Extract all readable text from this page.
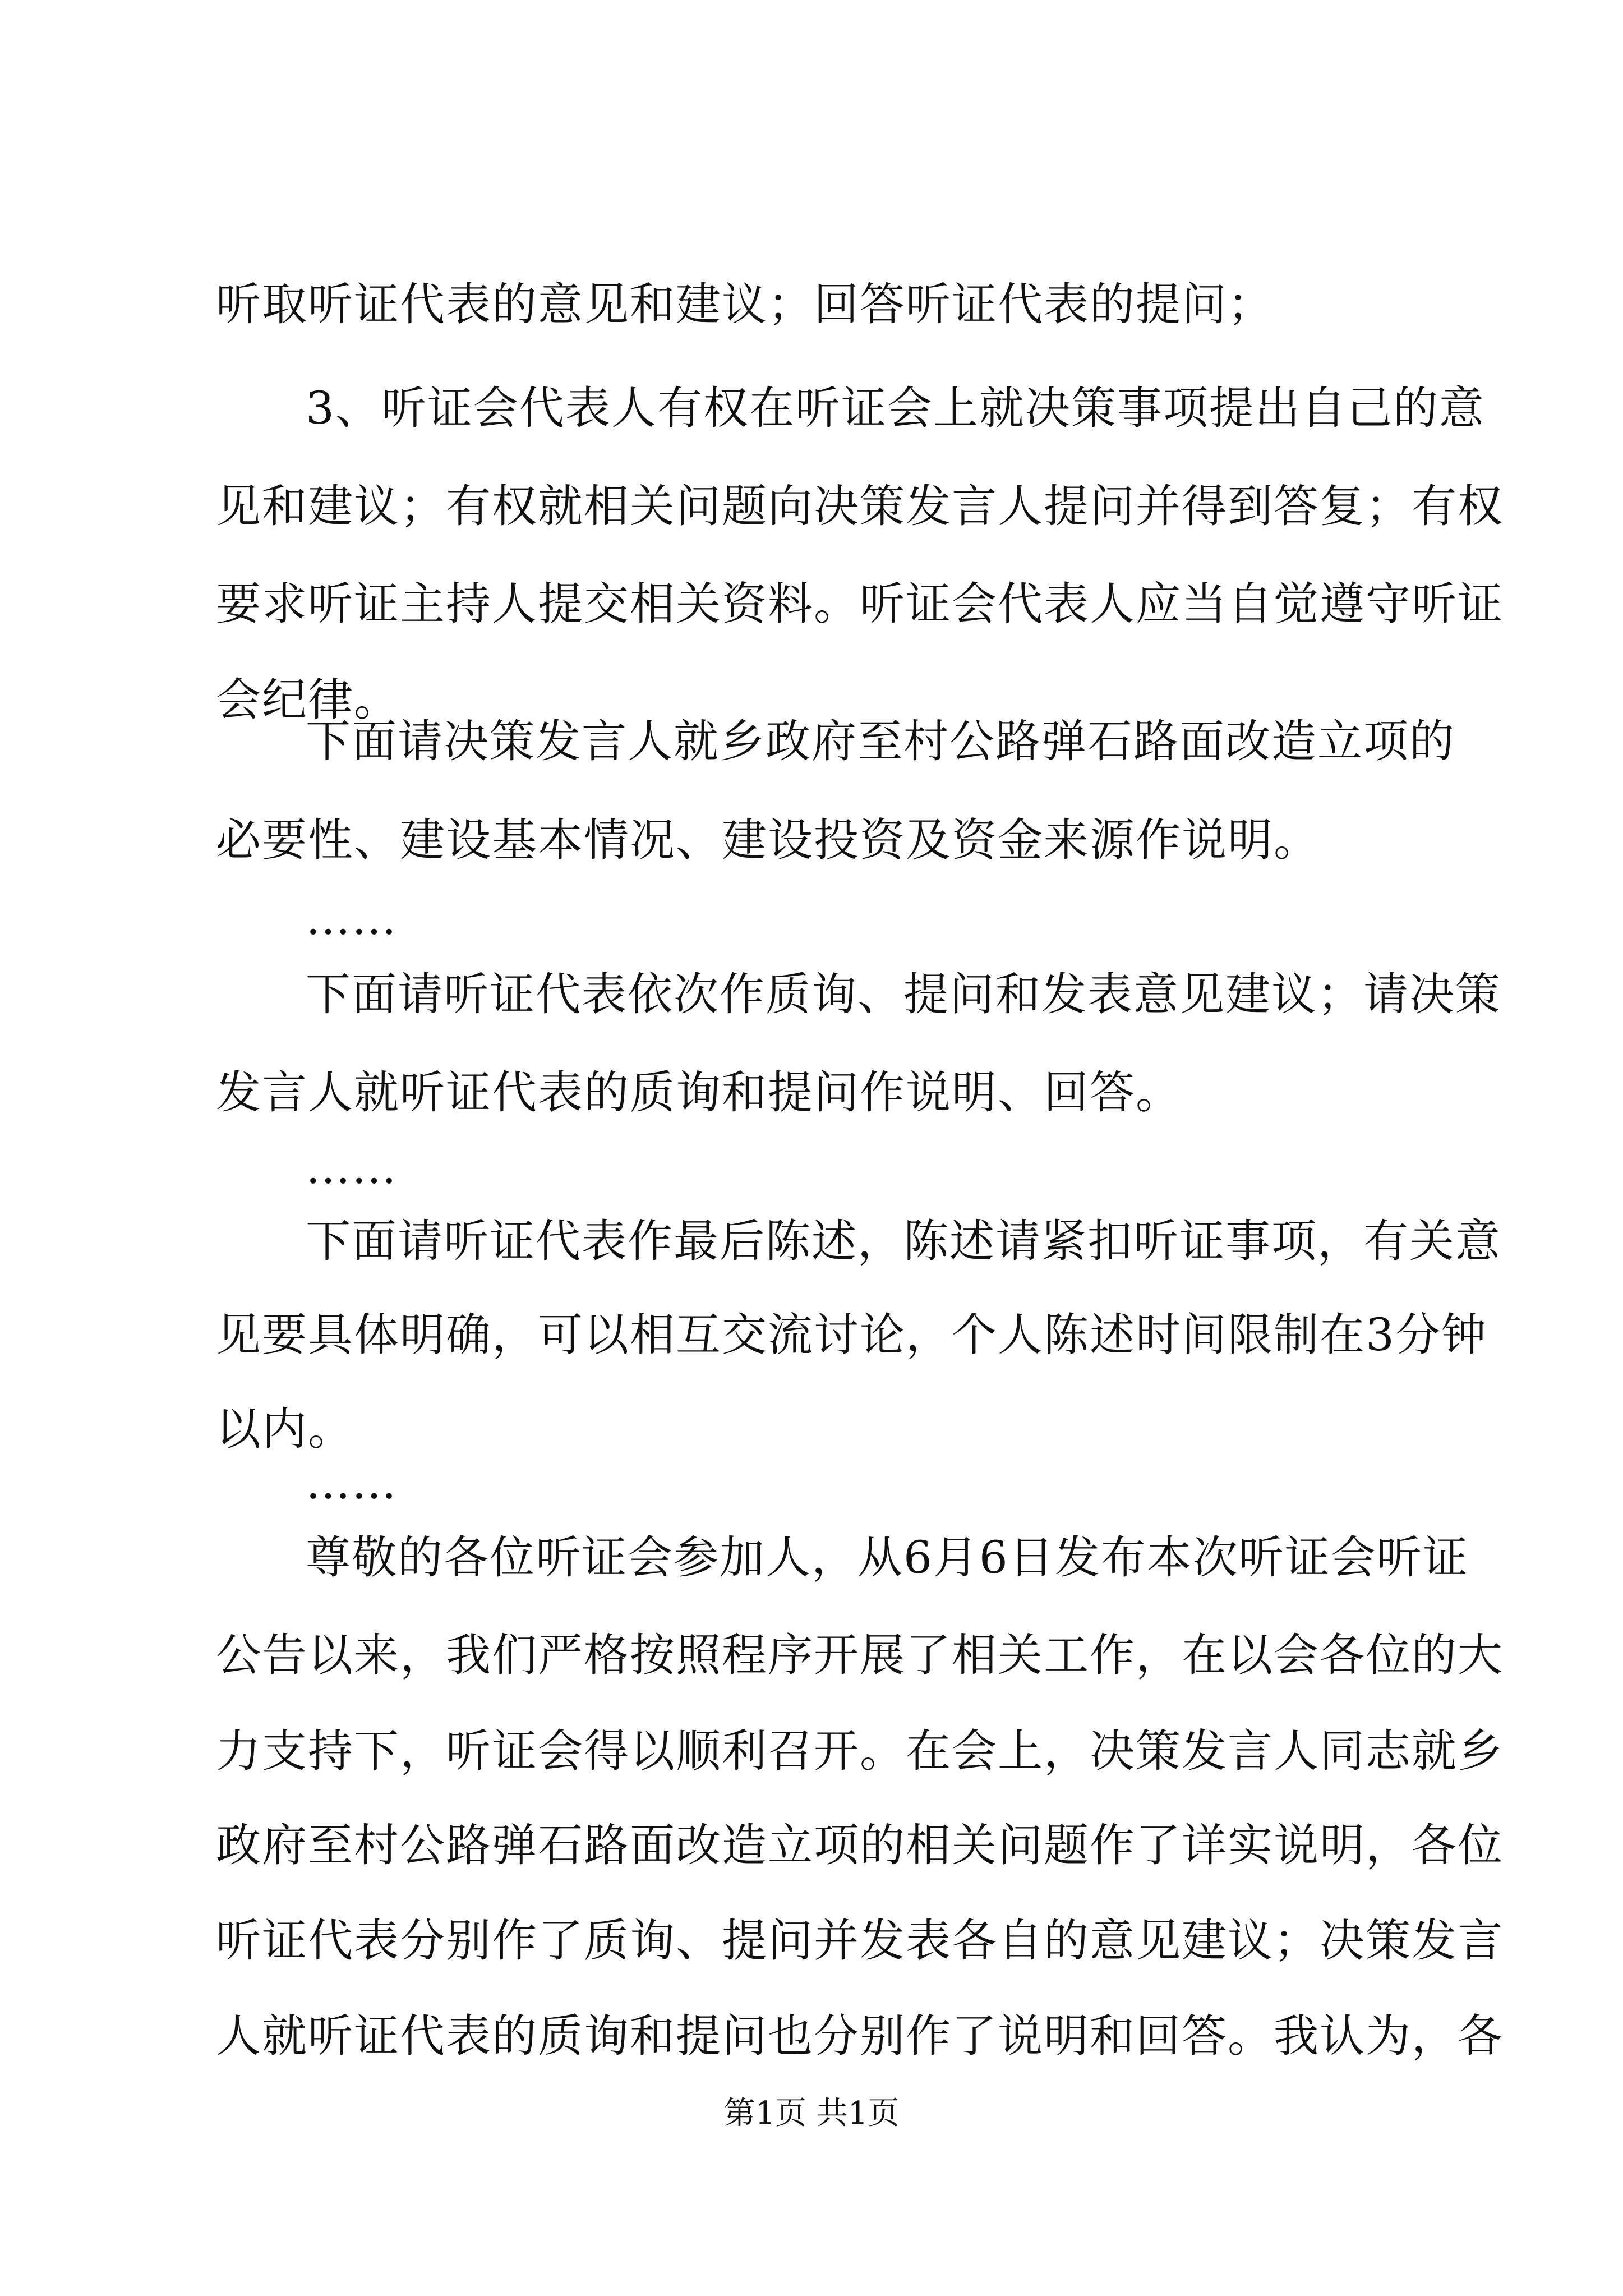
听取听证代表的意见和建议；回答听证代表的提问；
3、听证会代表人有权在听证会上就决策事项提出自己的意
见和建议；有权就相关问题向决策发言人提问并得到答复；有权
要求听证主持人提交相关资料。听证会代表人应当自觉遵守听证
会纪律。
下面请决策发言人就乡政府至村公路弹石路面改造立项的
必要性、建设基本情况、建设投资及资金来源作说明。
……
下面请听证代表依次作质询、提问和发表意见建议；请决策
发言人就听证代表的质询和提问作说明、回答。
……
下面请听证代表作最后陈述，陈述请紧扣听证事项，有关意
见要具体明确，可以相互交流讨论，个人陈述时间限制在3分钟
以内。
……
尊敬的各位听证会参加人，从6月6日发布本次听证会听证
公告以来，我们严格按照程序开展了相关工作，在以会各位的大
力支持下，听证会得以顺利召开。在会上，决策发言人同志就乡
政府至村公路弹石路面改造立项的相关问题作了详实说明，各位
听证代表分别作了质询、提问并发表各自的意见建议；决策发言
人就听证代表的质询和提问也分别作了说明和回答。我认为，各
第1页 共1页
